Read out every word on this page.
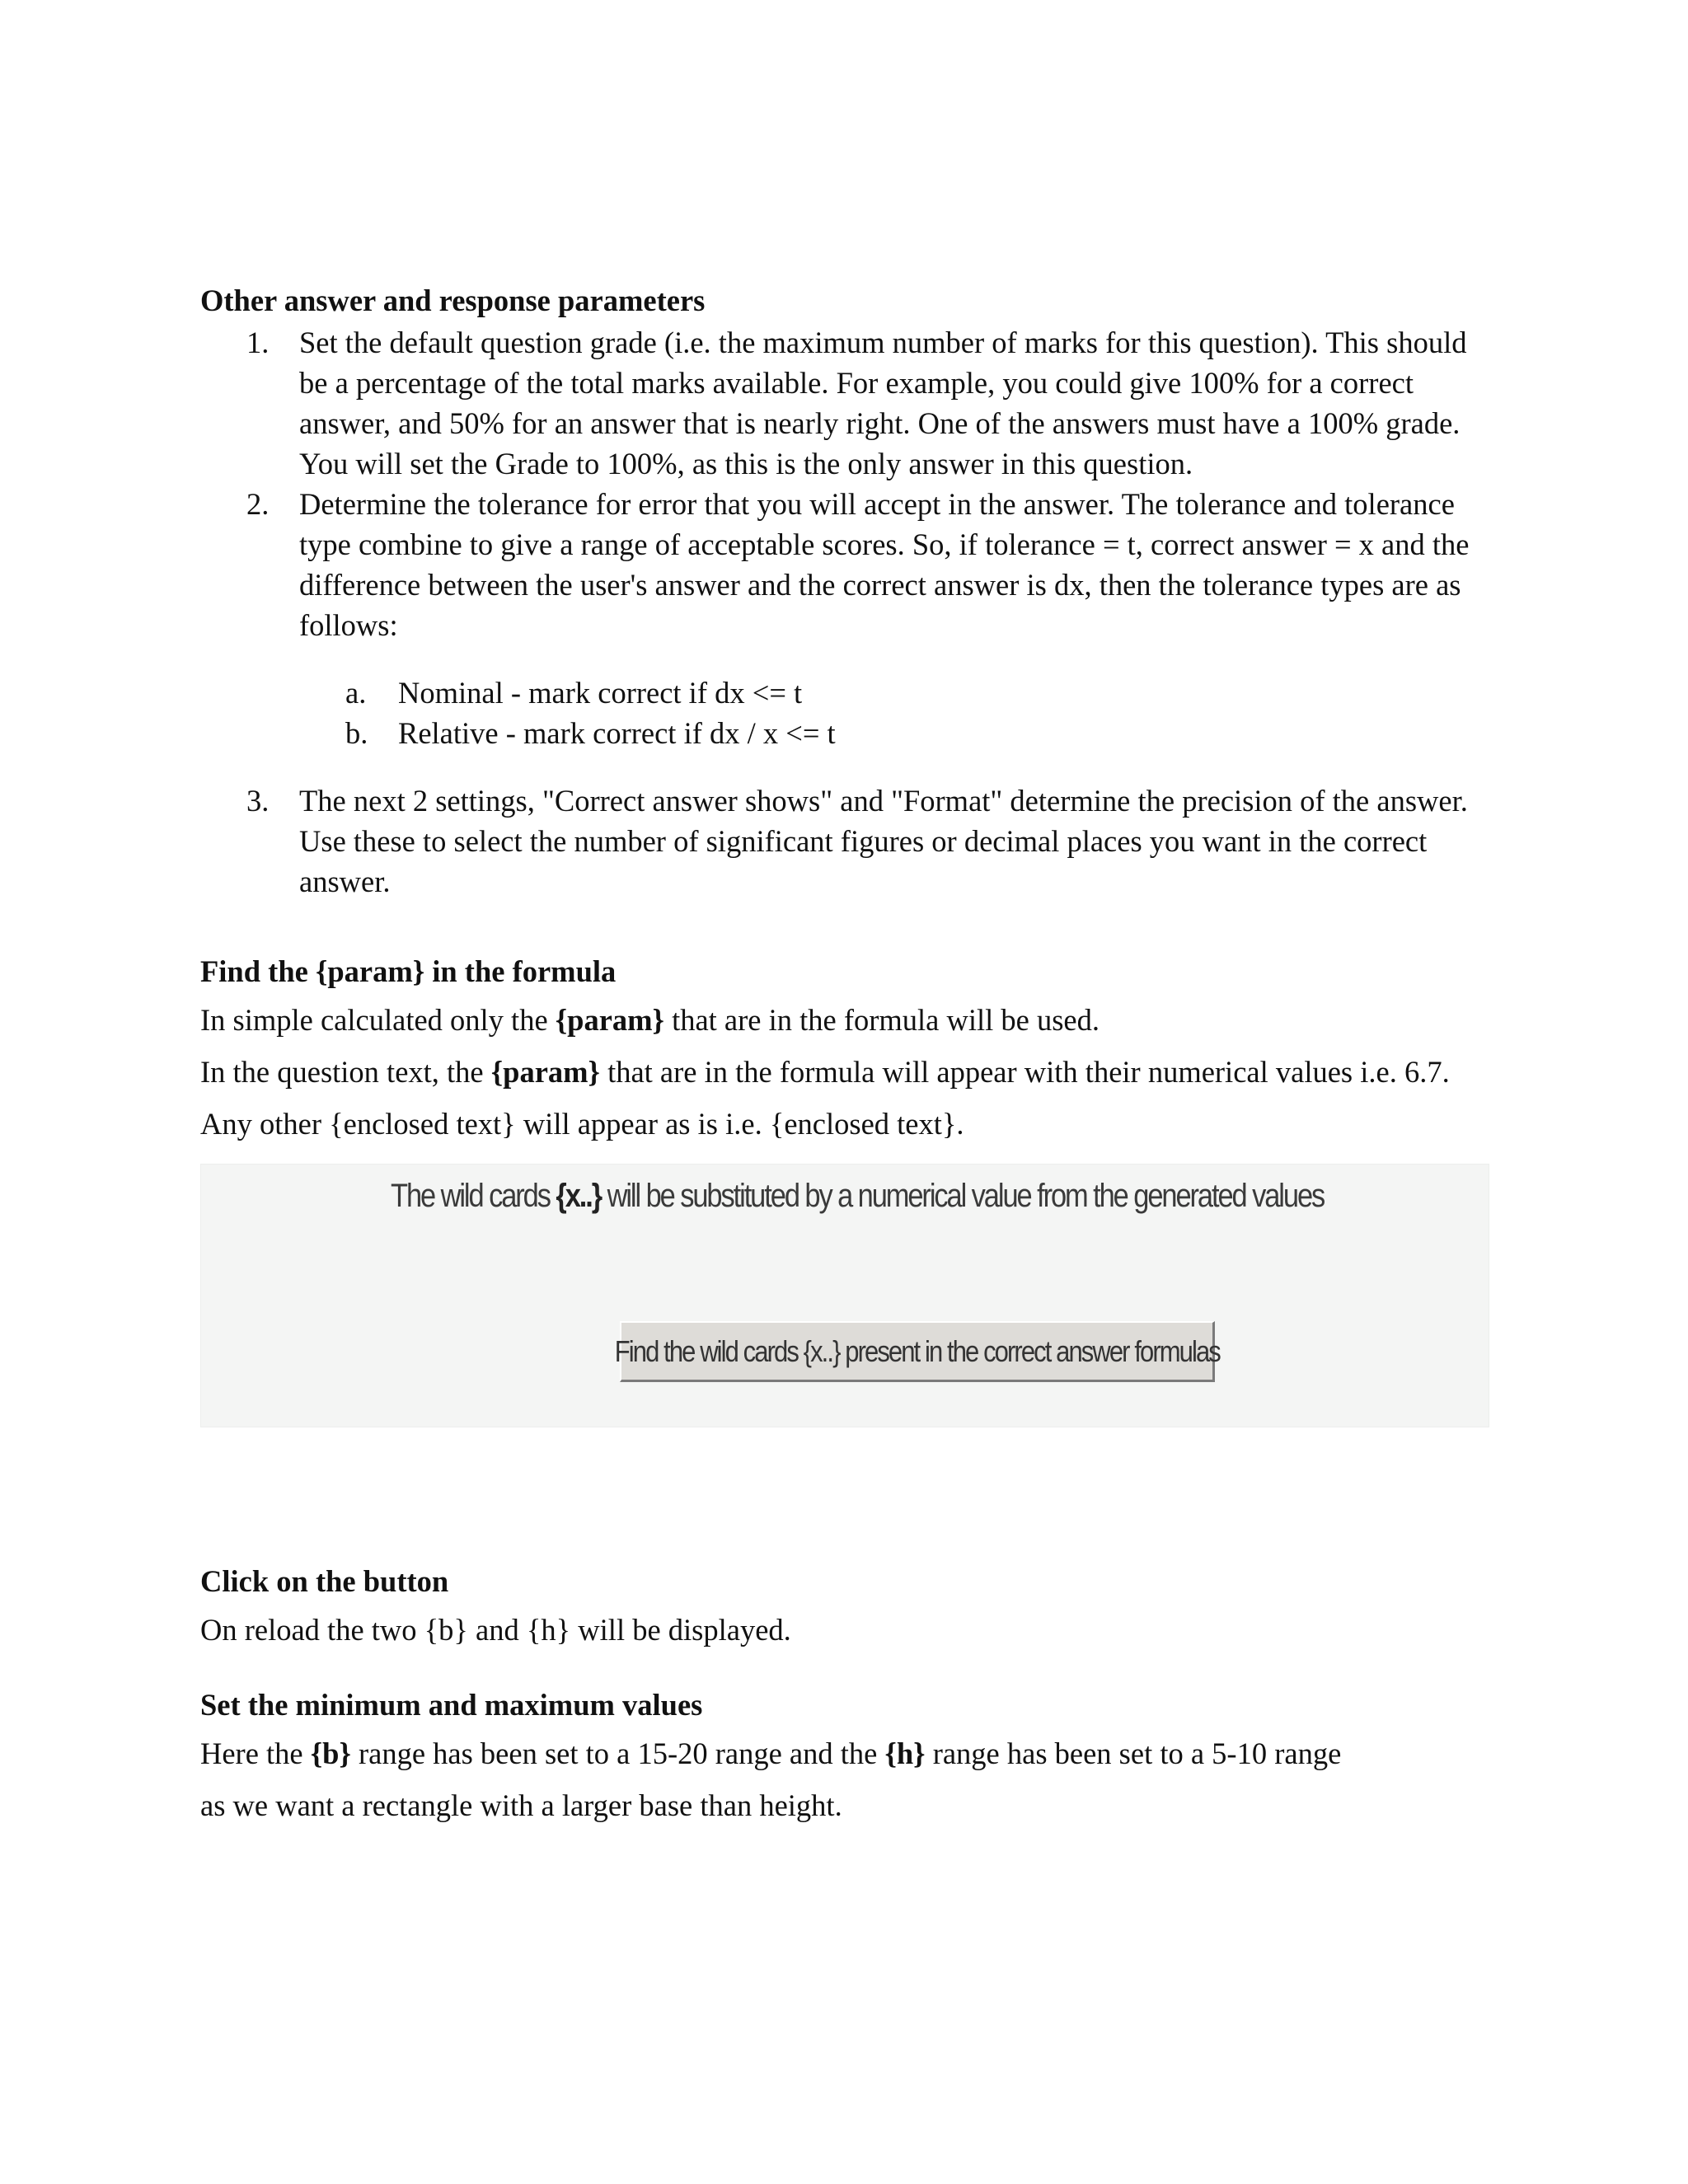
Other answer and response parameters
1. Set the default question grade (i.e. the maximum number of marks for this question). This should

be a percentage of the total marks available. For example, you could give 100% for a correct

answer, and 50% for an answer that is nearly right. One of the answers must have a 100% grade.

You will set the Grade to 100%, as this is the only answer in this question.

2. Determine the tolerance for error that you will accept in the answer. The tolerance and tolerance

type combine to give a range of acceptable scores. So, if tolerance = t, correct answer = x and the

difference between the user's answer and the correct answer is dx, then the tolerance types are as

follows:

a. Nominal - mark correct if dx <= t
b. Relative - mark correct if dx / x <= t
3. The next 2 settings, "Correct answer shows" and "Format" determine the precision of the answer.

Use these to select the number of significant figures or decimal places you want in the correct

answer.

Find the {param} in the formula

In simple calculated only the {param} that are in the formula will be used.

In the question text, the {param} that are in the formula will appear with their numerical values i.e. 6.7.

Any other {enclosed text} will appear as is i.e. {enclosed text}.

The wild cards {x..} will be substituted by a numerical value from the generated values
Find the wild cards {x..} present in the correct answer formulas
Click on the button

On reload the two {b} and {h} will be displayed.

Set the minimum and maximum values

Here the {b} range has been set to a 15-20 range and the {h} range has been set to a 5-10 range

as we want a rectangle with a larger base than height.
